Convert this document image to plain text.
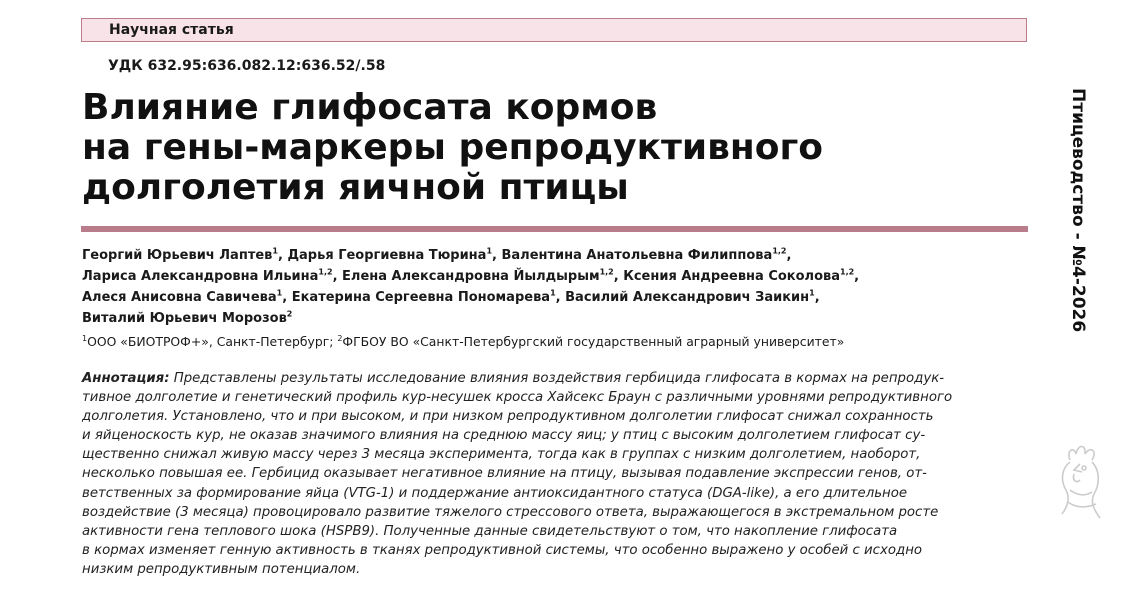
Научная статья
УДК 632.95:636.082.12:636.52/.58
Влияние глифосата кормов
на гены-маркеры репродуктивного
долголетия яичной птицы
Георгий Юрьевич Лаптев$^1$, Дарья Георгиевна Тюрина$^1$, Валентина Анатольевна Филиппова$^{1,2}$,
Лариса Александровна Ильина$^{1,2}$, Елена Александровна Йылдырым$^{1,2}$, Ксения Андреевна Соколова$^{1,2}$,
Алеся Анисовна Савичева$^1$, Екатерина Сергеевна Пономарева$^1$, Василий Александрович Заикин$^1$,
Виталий Юрьевич Морозов$^2$
$^1$ООО «БИОТРОФ+», Санкт-Петербург; $^2$ФГБОУ ВО «Санкт-Петербургский государственный аграрный университет»
Аннотация: Представлены результаты исследование влияния воздействия гербицида глифосата в кормах на репродук-
тивное долголетие и генетический профиль кур-несушек кросса Хайсекс Браун с различными уровнями репродуктивного
долголетия. Установлено, что и при высоком, и при низком репродуктивном долголетии глифосат снижал сохранность
и яйценоскость кур, не оказав значимого влияния на среднюю массу яиц; у птиц с высоким долголетием глифосат су-
щественно снижал живую массу через 3 месяца эксперимента, тогда как в группах с низким долголетием, наоборот,
несколько повышая ее. Гербицид оказывает негативное влияние на птицу, вызывая подавление экспрессии генов, от-
ветственных за формирование яйца (VTG-1) и поддержание антиоксидантного статуса (DGA-like), а его длительное
воздействие (3 месяца) провоцировало развитие тяжелого стрессового ответа, выражающегося в экстремальном росте
активности гена теплового шока (HSPB9). Полученные данные свидетельствуют о том, что накопление глифосата
в кормах изменяет генную активность в тканях репродуктивной системы, что особенно выражено у особей с исходно
низким репродуктивным потенциалом.
Птицеводство - №4-2026
